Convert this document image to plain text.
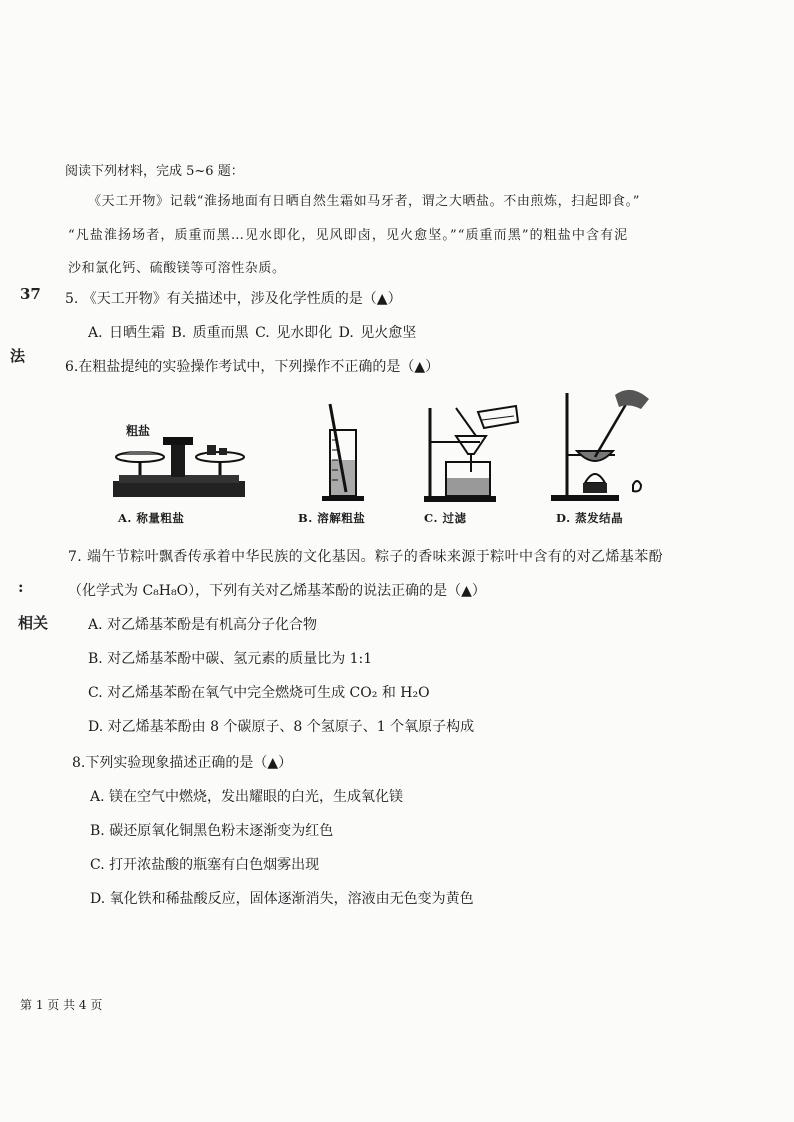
37
法
:
相关
阅读下列材料，完成 5~6 题：
《天工开物》记载“淮扬地面有日晒自然生霜如马牙者，谓之大晒盐。不由煎炼，扫起即食。”
“凡盐淮扬场者，质重而黑…见水即化，见风即卤，见火愈坚。”“质重而黑”的粗盐中含有泥
沙和氯化钙、硫酸镁等可溶性杂质。
5. 《天工开物》有关描述中，涉及化学性质的是（▲）
A. 日晒生霜 B. 质重而黑 C. 见水即化 D. 见火愈坚
6.在粗盐提纯的实验操作考试中，下列操作不正确的是（▲）
粗盐
A. 称量粗盐	B. 溶解粗盐	C. 过滤	D. 蒸发结晶
7. 端午节粽叶飘香传承着中华民族的文化基因。粽子的香味来源于粽叶中含有的对乙烯基苯酚
（化学式为 C₈H₈O），下列有关对乙烯基苯酚的说法正确的是（▲）
A. 对乙烯基苯酚是有机高分子化合物
B. 对乙烯基苯酚中碳、氢元素的质量比为 1:1
C. 对乙烯基苯酚在氧气中完全燃烧可生成 CO₂ 和 H₂O
D. 对乙烯基苯酚由 8 个碳原子、8 个氢原子、1 个氧原子构成
8.下列实验现象描述正确的是（▲）
A. 镁在空气中燃烧，发出耀眼的白光，生成氧化镁
B. 碳还原氧化铜黑色粉末逐渐变为红色
C. 打开浓盐酸的瓶塞有白色烟雾出现
D. 氧化铁和稀盐酸反应，固体逐渐消失，溶液由无色变为黄色
第 1 页 共 4 页
